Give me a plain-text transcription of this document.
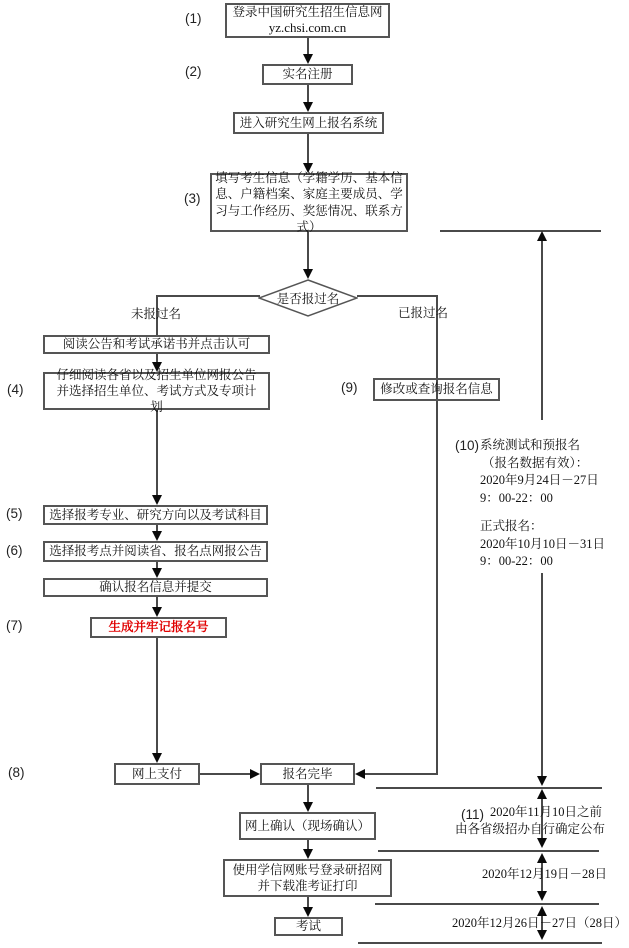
(1)
(2)
(3)
(4)
(5)
(6)
(7)
(8)
(9)
(10)
(11)
登录中国研究生招生信息网
yz.chsi.com.cn
实名注册
进入研究生网上报名系统
填写考生信息（学籍学历、基本信息、户籍档案、家庭主要成员、学习与工作经历、奖惩情况、联系方式）
是否报过名
未报过名	已报过名
阅读公告和考试承诺书并点击认可
仔细阅读各省以及招生单位网报公告并选择招生单位、考试方式及专项计划
修改或查询报名信息
选择报考专业、研究方向以及考试科目
选择报考点并阅读省、报名点网报公告
确认报名信息并提交
生成并牢记报名号
网上支付	报名完毕
网上确认（现场确认）
使用学信网账号登录研招网并下载准考证打印
考试
系统测试和预报名
（报名数据有效）：
2020年9月24日－27日
9：00-22：00
正式报名：
2020年10月10日－31日
9：00-22：00
2020年11月10日之前
由各省级招办自行确定公布
2020年12月19日－28日
2020年12月26日－27日（28日）
